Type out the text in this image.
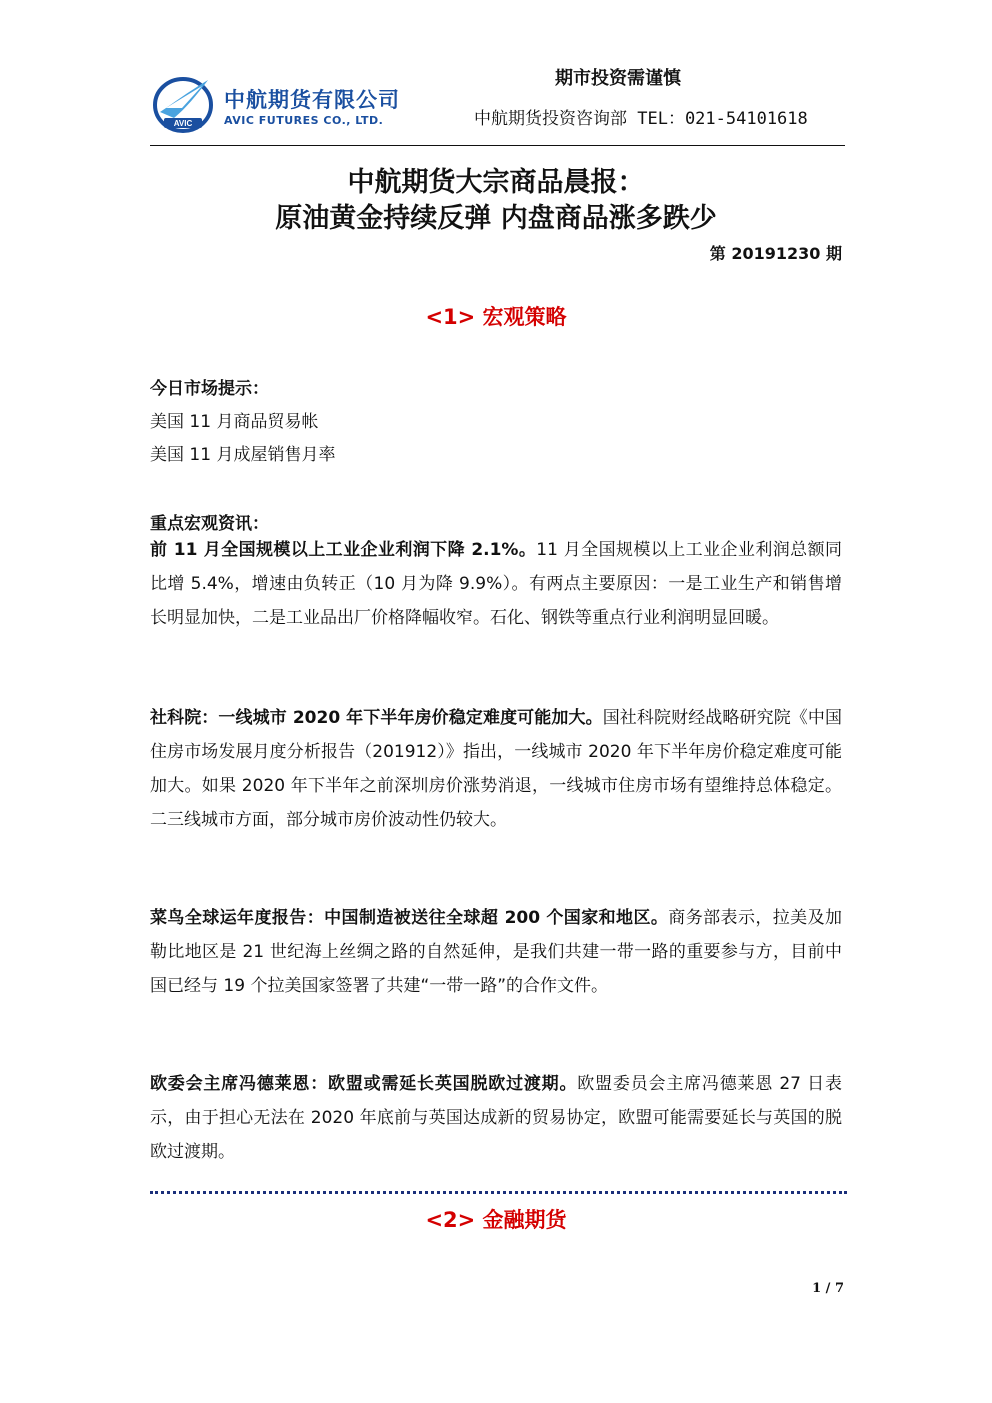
AVIC
中航期货有限公司
AVIC FUTURES CO., LTD.
期市投资需谨慎
中航期货投资咨询部 TEL：021-54101618
中航期货大宗商品晨报：
原油黄金持续反弹 内盘商品涨多跌少
第 20191230 期
<1> 宏观策略
今日市场提示：
美国 11 月商品贸易帐
美国 11 月成屋销售月率
重点宏观资讯：
前 11 月全国规模以上工业企业利润下降 2.1%。11 月全国规模以上工业企业利润总额同比增 5.4%，增速由负转正（10 月为降 9.9%）。有两点主要原因：一是工业生产和销售增长明显加快，二是工业品出厂价格降幅收窄。石化、钢铁等重点行业利润明显回暖。
社科院：一线城市 2020 年下半年房价稳定难度可能加大。国社科院财经战略研究院《中国住房市场发展月度分析报告（201912）》指出，一线城市 2020 年下半年房价稳定难度可能加大。如果 2020 年下半年之前深圳房价涨势消退，一线城市住房市场有望维持总体稳定。二三线城市方面，部分城市房价波动性仍较大。
菜鸟全球运年度报告：中国制造被送往全球超 200 个国家和地区。商务部表示，拉美及加勒比地区是 21 世纪海上丝绸之路的自然延伸，是我们共建一带一路的重要参与方，目前中国已经与 19 个拉美国家签署了共建“一带一路”的合作文件。
欧委会主席冯德莱恩：欧盟或需延长英国脱欧过渡期。欧盟委员会主席冯德莱恩 27 日表示，由于担心无法在 2020 年底前与英国达成新的贸易协定，欧盟可能需要延长与英国的脱欧过渡期。
<2> 金融期货
1 / 7
